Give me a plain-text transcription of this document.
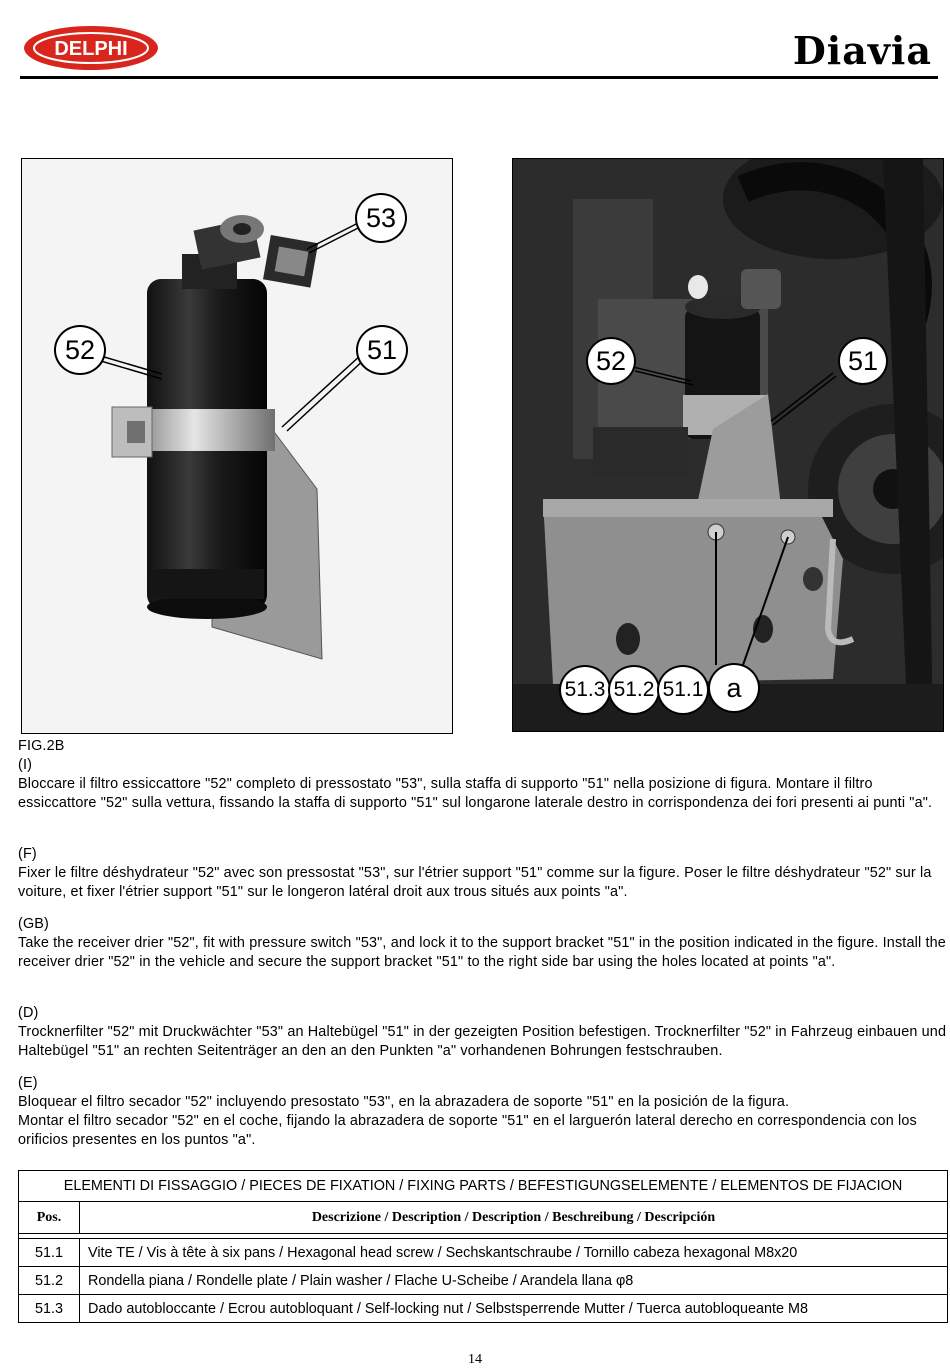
DELPHI	Diavia
53
52	51	52	51
51.3 51.2 51.1 a
FIG.2B
(I)
Bloccare il filtro essiccattore "52" completo di pressostato "53", sulla staffa di supporto "51" nella posizione di figura. Montare il filtro essiccattore "52" sulla vettura, fissando la staffa di supporto "51" sul longarone laterale destro in corrispondenza dei fori presenti ai punti "a".
(F)
Fixer le filtre déshydrateur "52" avec son pressostat "53", sur l'étrier support "51" comme sur la figure. Poser le filtre déshydrateur "52" sur la voiture, et fixer l'étrier support "51" sur le longeron latéral droit aux trous situés aux points "a".
(GB)
Take the receiver drier "52", fit with pressure switch "53", and lock it to the support bracket "51" in the position indicated in the figure. Install the receiver drier "52" in the vehicle and secure the support bracket "51" to the right side bar using the holes located at points "a".
(D)
Trocknerfilter "52" mit Druckwächter "53" an Haltebügel "51" in der gezeigten Position befestigen. Trocknerfilter "52" in Fahrzeug einbauen und Haltebügel "51" an rechten Seitenträger an den an den Punkten "a" vorhandenen Bohrungen festschrauben.
(E)
Bloquear el filtro secador "52" incluyendo presostato "53", en la abrazadera de soporte "51" en la posición de la figura.
Montar el filtro secador "52" en el coche, fijando la abrazadera de soporte "51" en el larguerón lateral derecho en correspondencia con los orificios presentes en los puntos "a".
ELEMENTI DI FISSAGGIO / PIECES DE FIXATION / FIXING PARTS / BEFESTIGUNGSELEMENTE / ELEMENTOS DE FIJACION	
Pos.	Descrizione / Description / Description / Beschreibung / Descripción

51.1	Vite TE / Vis à tête à six pans / Hexagonal head screw / Sechskantschraube / Tornillo cabeza hexagonal M8x20
51.2	Rondella piana / Rondelle plate / Plain washer / Flache U-Scheibe / Arandela llana φ8
51.3	Dado autobloccante / Ecrou autobloquant / Self-locking nut / Selbstsperrende Mutter / Tuerca autobloqueante M8
14
